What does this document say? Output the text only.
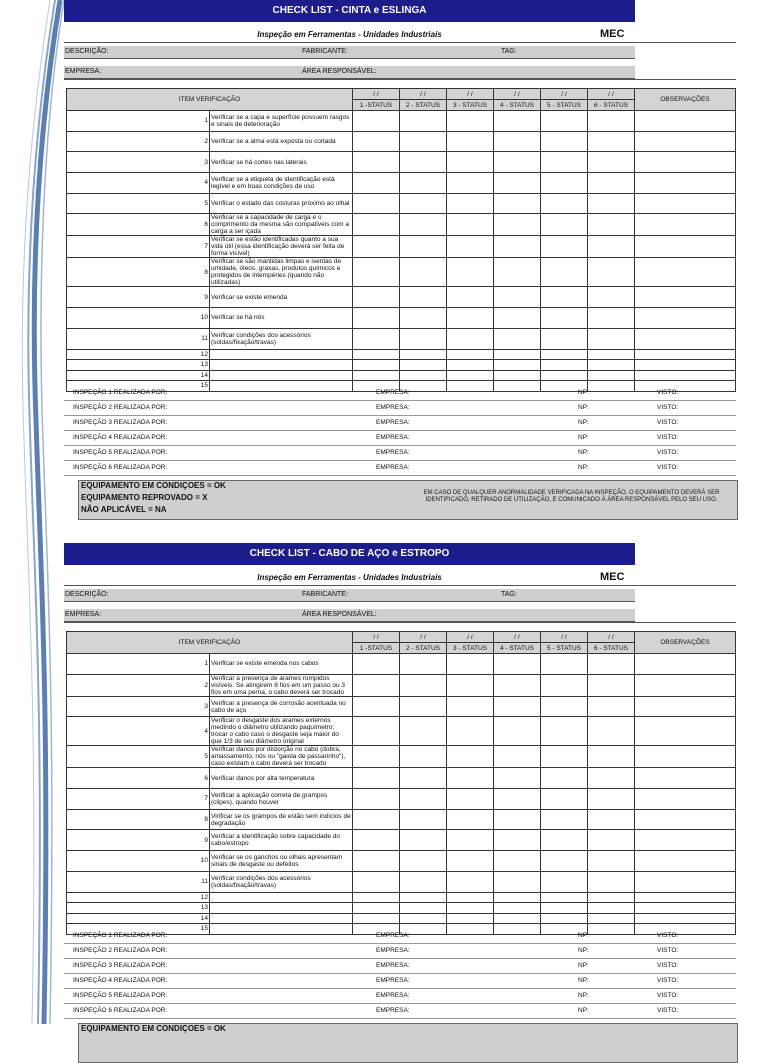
CHECK LIST - CINTA e ESLINGA
Inspeção em Ferramentas - Unidades Industriais	MEC
DESCRIÇÃO:	FABRICANTE:	TAG:
EMPRESA:	ÁREA RESPONSÁVEL:
ITEM VERIFICAÇÃO		/ /	/ /	/ /	/ /	/ /	/ /	OBSERVAÇÕES
		1 -STATUS	2 - STATUS	3 - STATUS	4 - STATUS	5 - STATUS	6 - STATUS	
1	Verificar se a capa e superfície possuem rasgos e sinais de deterioração							
2	Verificar se a alma está exposta ou cortada							
3	Verificar se há cortes nas laterais							
4	Verificar se a etiqueta de identificação está legível e em boas condições de uso							
5	Verificar o estado das costuras próximo ao olhal							
6	Verificar se a capacidade de carga e o comprimento da mesma são compatíveis com a carga a ser içada							
7	Verificar se estão identificadas quanto a sua vida útil (essa identificação deverá ser feita de forma visível)							
8	Verificar se são mantidas limpas e isentas de umidade, óleos, graxas, produtos químicos e protegidos de intempéries (quando não utilizadas)							
9	Verificar se existe emenda							
10	Verificar se há nós							
11	Verificar condições dos acessórios (soldas/fixação/travas)							
12								
13								
14								
15								
INSPEÇÃO 1 REALIZADA POR:	EMPRESA:	NP:	VISTO:
INSPEÇÃO 2 REALIZADA POR:	EMPRESA:	NP:	VISTO:
INSPEÇÃO 3 REALIZADA POR:	EMPRESA:	NP:	VISTO:
INSPEÇÃO 4 REALIZADA POR:	EMPRESA:	NP:	VISTO:
INSPEÇÃO 5 REALIZADA POR:	EMPRESA:	NP:	VISTO:
INSPEÇÃO 6 REALIZADA POR:	EMPRESA:	NP:	VISTO:
EQUIPAMENTO EM CONDIÇOES = OK
EQUIPAMENTO REPROVADO = X
NÃO APLICÁVEL = NA
EM CASO DE QUALQUER ANORMALIDADE VERIFICADA NA INSPEÇÃO, O EQUIPAMENTO DEVERÁ SER IDENTIFICADO, RETIRADO DE UTILIZAÇÃO, E COMUNICADO À ÁREA RESPONSÁVEL PELO SEU USO.
CHECK LIST - CABO DE AÇO e ESTROPO
Inspeção em Ferramentas - Unidades Industriais	MEC
DESCRIÇÃO:	FABRICANTE:	TAG:
EMPRESA:	ÁREA RESPONSÁVEL:
ITEM VERIFICAÇÃO		/ /	/ /	/ /	/ /	/ /	/ /	OBSERVAÇÕES
		1 -STATUS	2 - STATUS	3 - STATUS	4 - STATUS	5 - STATUS	6 - STATUS	
1	Verificar se existe emenda nos cabos							
2	Verificar a presença de arames rompidos visíveis. Se atingirem 6 fios em um passo ou 3 fios em uma perna, o cabo deverá ser trocado							
3	Verificar a presença de corrosão acentuada no cabo de aço							
4	Verificar o desgaste dos arames externos medindo o diâmetro utilizando paquímetro; trocar o cabo caso o desgaste seja maior do que 1/3 de seu diâmetro original							
5	Verificar danos por distorção no cabo (dobra, amassamento, nós ou "gaiola de passarinho"), caso existam o cabo deverá ser trocado							
6	Verificar danos por alta temperatura							
7	Verificar a aplicação correta de grampos (clipes), quando houver							
8	Virificar se os grampos de estão sem indícios de degradação							
9	Verificar a identificação sobre capacidade do cabo/estropo							
10	Verificar se os ganchos ou olhais apresentam sinais de desgaste ou defeitos							
11	Verificar condições dos acessórios (soldas/fixação/travas)							
12								
13								
14								
15								
INSPEÇÃO 1 REALIZADA POR:	EMPRESA:	NP:	VISTO:
INSPEÇÃO 2 REALIZADA POR:	EMPRESA:	NP:	VISTO:
INSPEÇÃO 3 REALIZADA POR:	EMPRESA:	NP:	VISTO:
INSPEÇÃO 4 REALIZADA POR:	EMPRESA:	NP:	VISTO:
INSPEÇÃO 5 REALIZADA POR:	EMPRESA:	NP:	VISTO:
INSPEÇÃO 6 REALIZADA POR:	EMPRESA:	NP:	VISTO:
EQUIPAMENTO EM CONDIÇOES = OK
